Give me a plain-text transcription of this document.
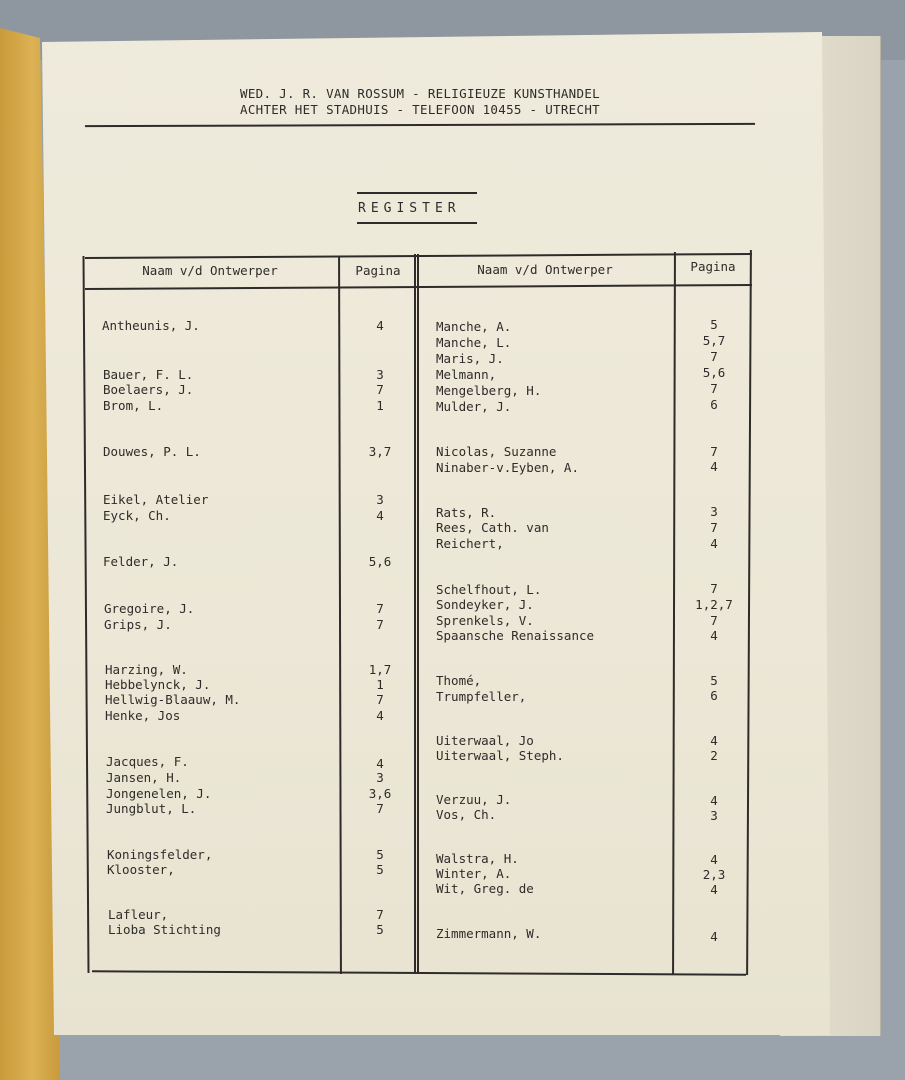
WED. J. R. VAN ROSSUM - RELIGIEUZE KUNSTHANDEL
ACHTER HET STADHUIS - TELEFOON 10455 - UTRECHT
REGISTER
Naam v/d Ontwerper	Pagina	Naam v/d Ontwerper	Pagina
Antheunis, J.	4
Bauer, F. L.	3
Boelaers, J.	7
Brom, L.	1
Douwes, P. L.	3,7
Eikel, Atelier	3
Eyck, Ch.	4
Felder, J.	5,6
Gregoire, J.	7
Grips, J.	7
Harzing, W.	1,7
Hebbelynck, J.	1
Hellwig-Blaauw, M.	7
Henke, Jos	4
Jacques, F.	4
Jansen, H.	3
Jongenelen, J.	3,6
Jungblut, L.	7
Koningsfelder,	5
Klooster,	5
Lafleur,	7
Lioba Stichting	5
Manche, A.	5
Manche, L.	5,7
Maris, J.	7
Melmann,	5,6
Mengelberg, H.	7
Mulder, J.	6
Nicolas, Suzanne	7
Ninaber-v.Eyben, A.	4
Rats, R.	3
Rees, Cath. van	7
Reichert,	4
Schelfhout, L.	7
Sondeyker, J.	1,2,7
Sprenkels, V.	7
Spaansche Renaissance	4
Thomé,	5
Trumpfeller,	6
Uiterwaal, Jo	4
Uiterwaal, Steph.	2
Verzuu, J.	4
Vos, Ch.	3
Walstra, H.	4
Winter, A.	2,3
Wit, Greg. de	4
Zimmermann, W.	4
